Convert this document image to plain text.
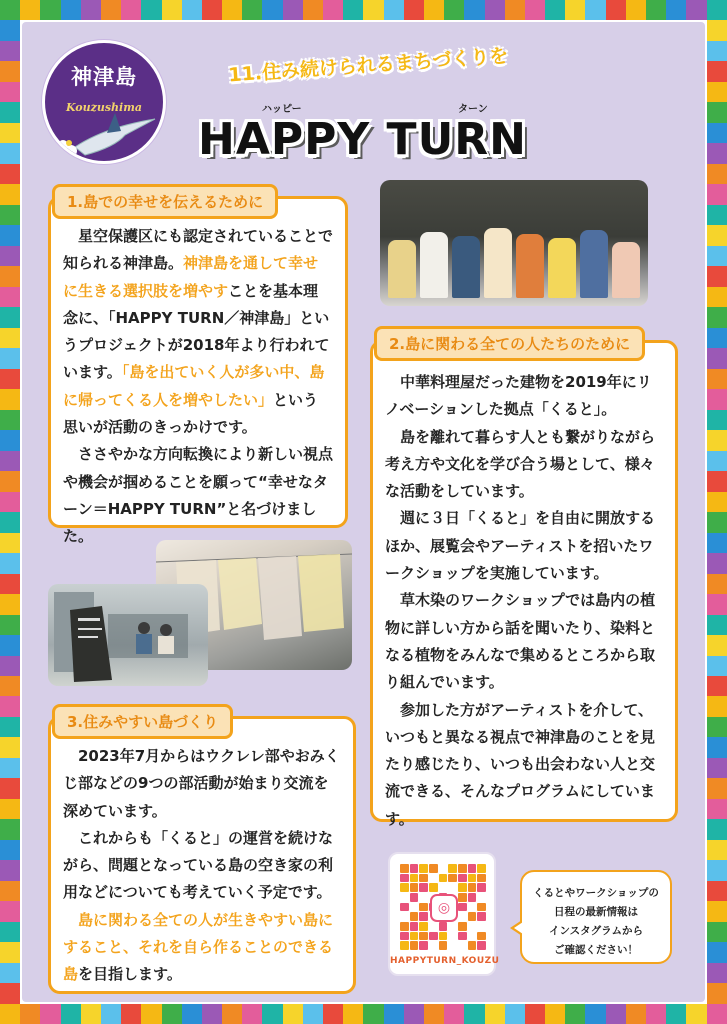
神津島
Kouzushima
11.住み続けられるまちづくりを
ハッピー	ターン
HAPPY TURN

星空保護区にも認定されていることで知られる神津島。神津島を通して幸せに生きる選択肢を増やすことを基本理念に、「HAPPY TURN／神津島」というプロジェクトが2018年より行われています。「島を出ていく人が多い中、島に帰ってくる人を増やしたい」という思いが活動のきっかけです。

ささやかな方向転換により新しい視点や機会が掴めることを願って“幸せなターン＝HAPPY TURN”と名づけました。

1.島での幸せを伝えるために

中華料理屋だった建物を2019年にリノベーションした拠点「くると」。

島を離れて暮らす人とも繋がりながら考え方や文化を学び合う場として、様々な活動をしています。

週に３日「くると」を自由に開放するほか、展覧会やアーティストを招いたワークショップを実施しています。

草木染のワークショップでは島内の植物に詳しい方から話を聞いたり、染料となる植物をみんなで集めるところから取り組んでいます。

参加した方がアーティストを介して、いつもと異なる視点で神津島のことを見たり感じたり、いつも出会わない人と交流できる、そんなプログラムにしています。

2.島に関わる全ての人たちのために

2023年7月からはウクレレ部やおみくじ部などの9つの部活動が始まり交流を深めています。

これからも「くると」の運営を続けながら、問題となっている島の空き家の利用などについても考えていく予定です。

島に関わる全ての人が生きやすい島にすること、それを自ら作ることのできる島を目指します。

3.住みやすい島づくり
◎
HAPPYTURN_KOUZU
くるとやワークショップの
日程の最新情報は
インスタグラムから
ご確認ください！
